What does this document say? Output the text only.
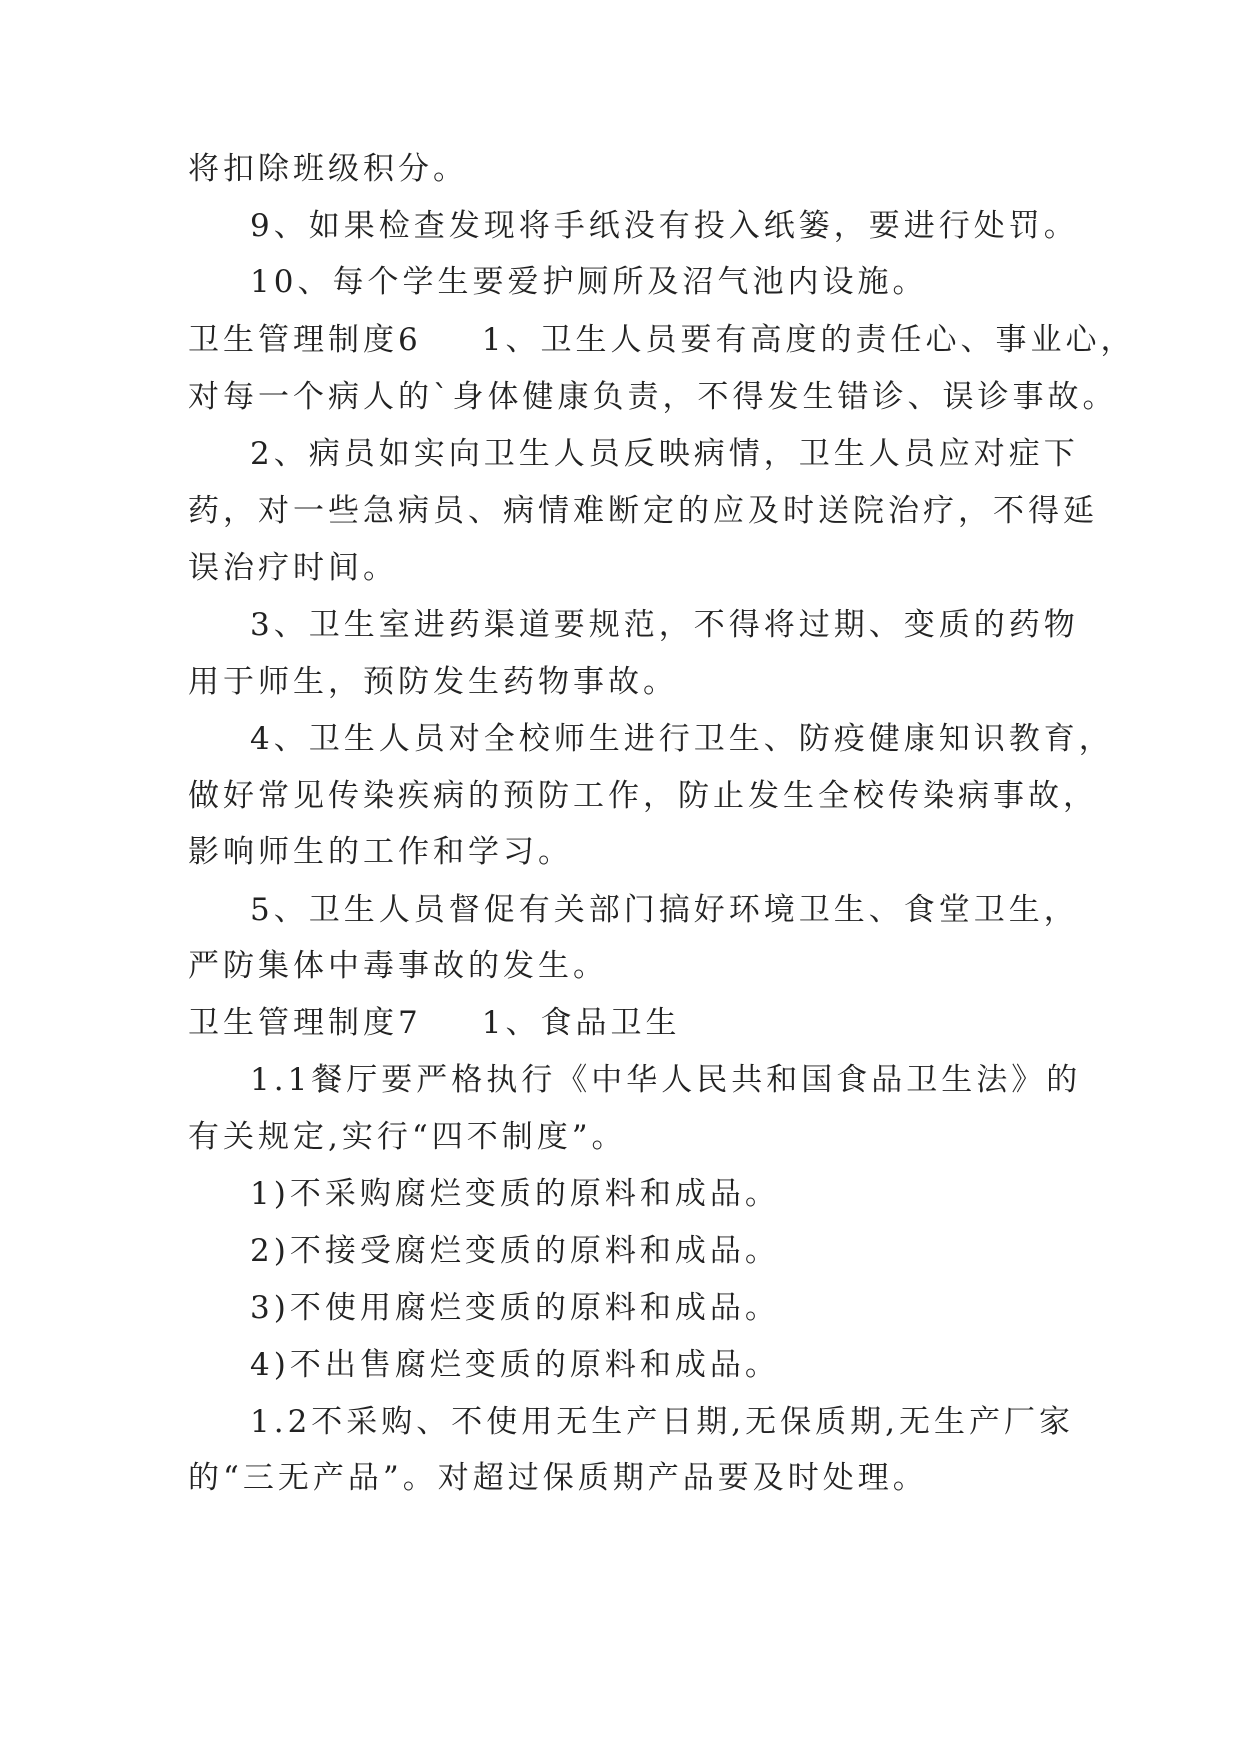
将扣除班级积分。
9、如果检查发现将手纸没有投入纸篓，要进行处罚。
10、每个学生要爱护厕所及沼气池内设施。
卫生管理制度6 1、卫生人员要有高度的责任心、事业心，
对每一个病人的`身体健康负责，不得发生错诊、误诊事故。
2、病员如实向卫生人员反映病情，卫生人员应对症下
药，对一些急病员、病情难断定的应及时送院治疗，不得延
误治疗时间。
3、卫生室进药渠道要规范，不得将过期、变质的药物
用于师生，预防发生药物事故。
4、卫生人员对全校师生进行卫生、防疫健康知识教育，
做好常见传染疾病的预防工作，防止发生全校传染病事故，
影响师生的工作和学习。
5、卫生人员督促有关部门搞好环境卫生、食堂卫生，
严防集体中毒事故的发生。
卫生管理制度7 1、食品卫生
1.1餐厅要严格执行《中华人民共和国食品卫生法》的
有关规定,实行“四不制度”。
1)不采购腐烂变质的原料和成品。
2)不接受腐烂变质的原料和成品。
3)不使用腐烂变质的原料和成品。
4)不出售腐烂变质的原料和成品。
1.2不采购、不使用无生产日期,无保质期,无生产厂家
的“三无产品”。对超过保质期产品要及时处理。
